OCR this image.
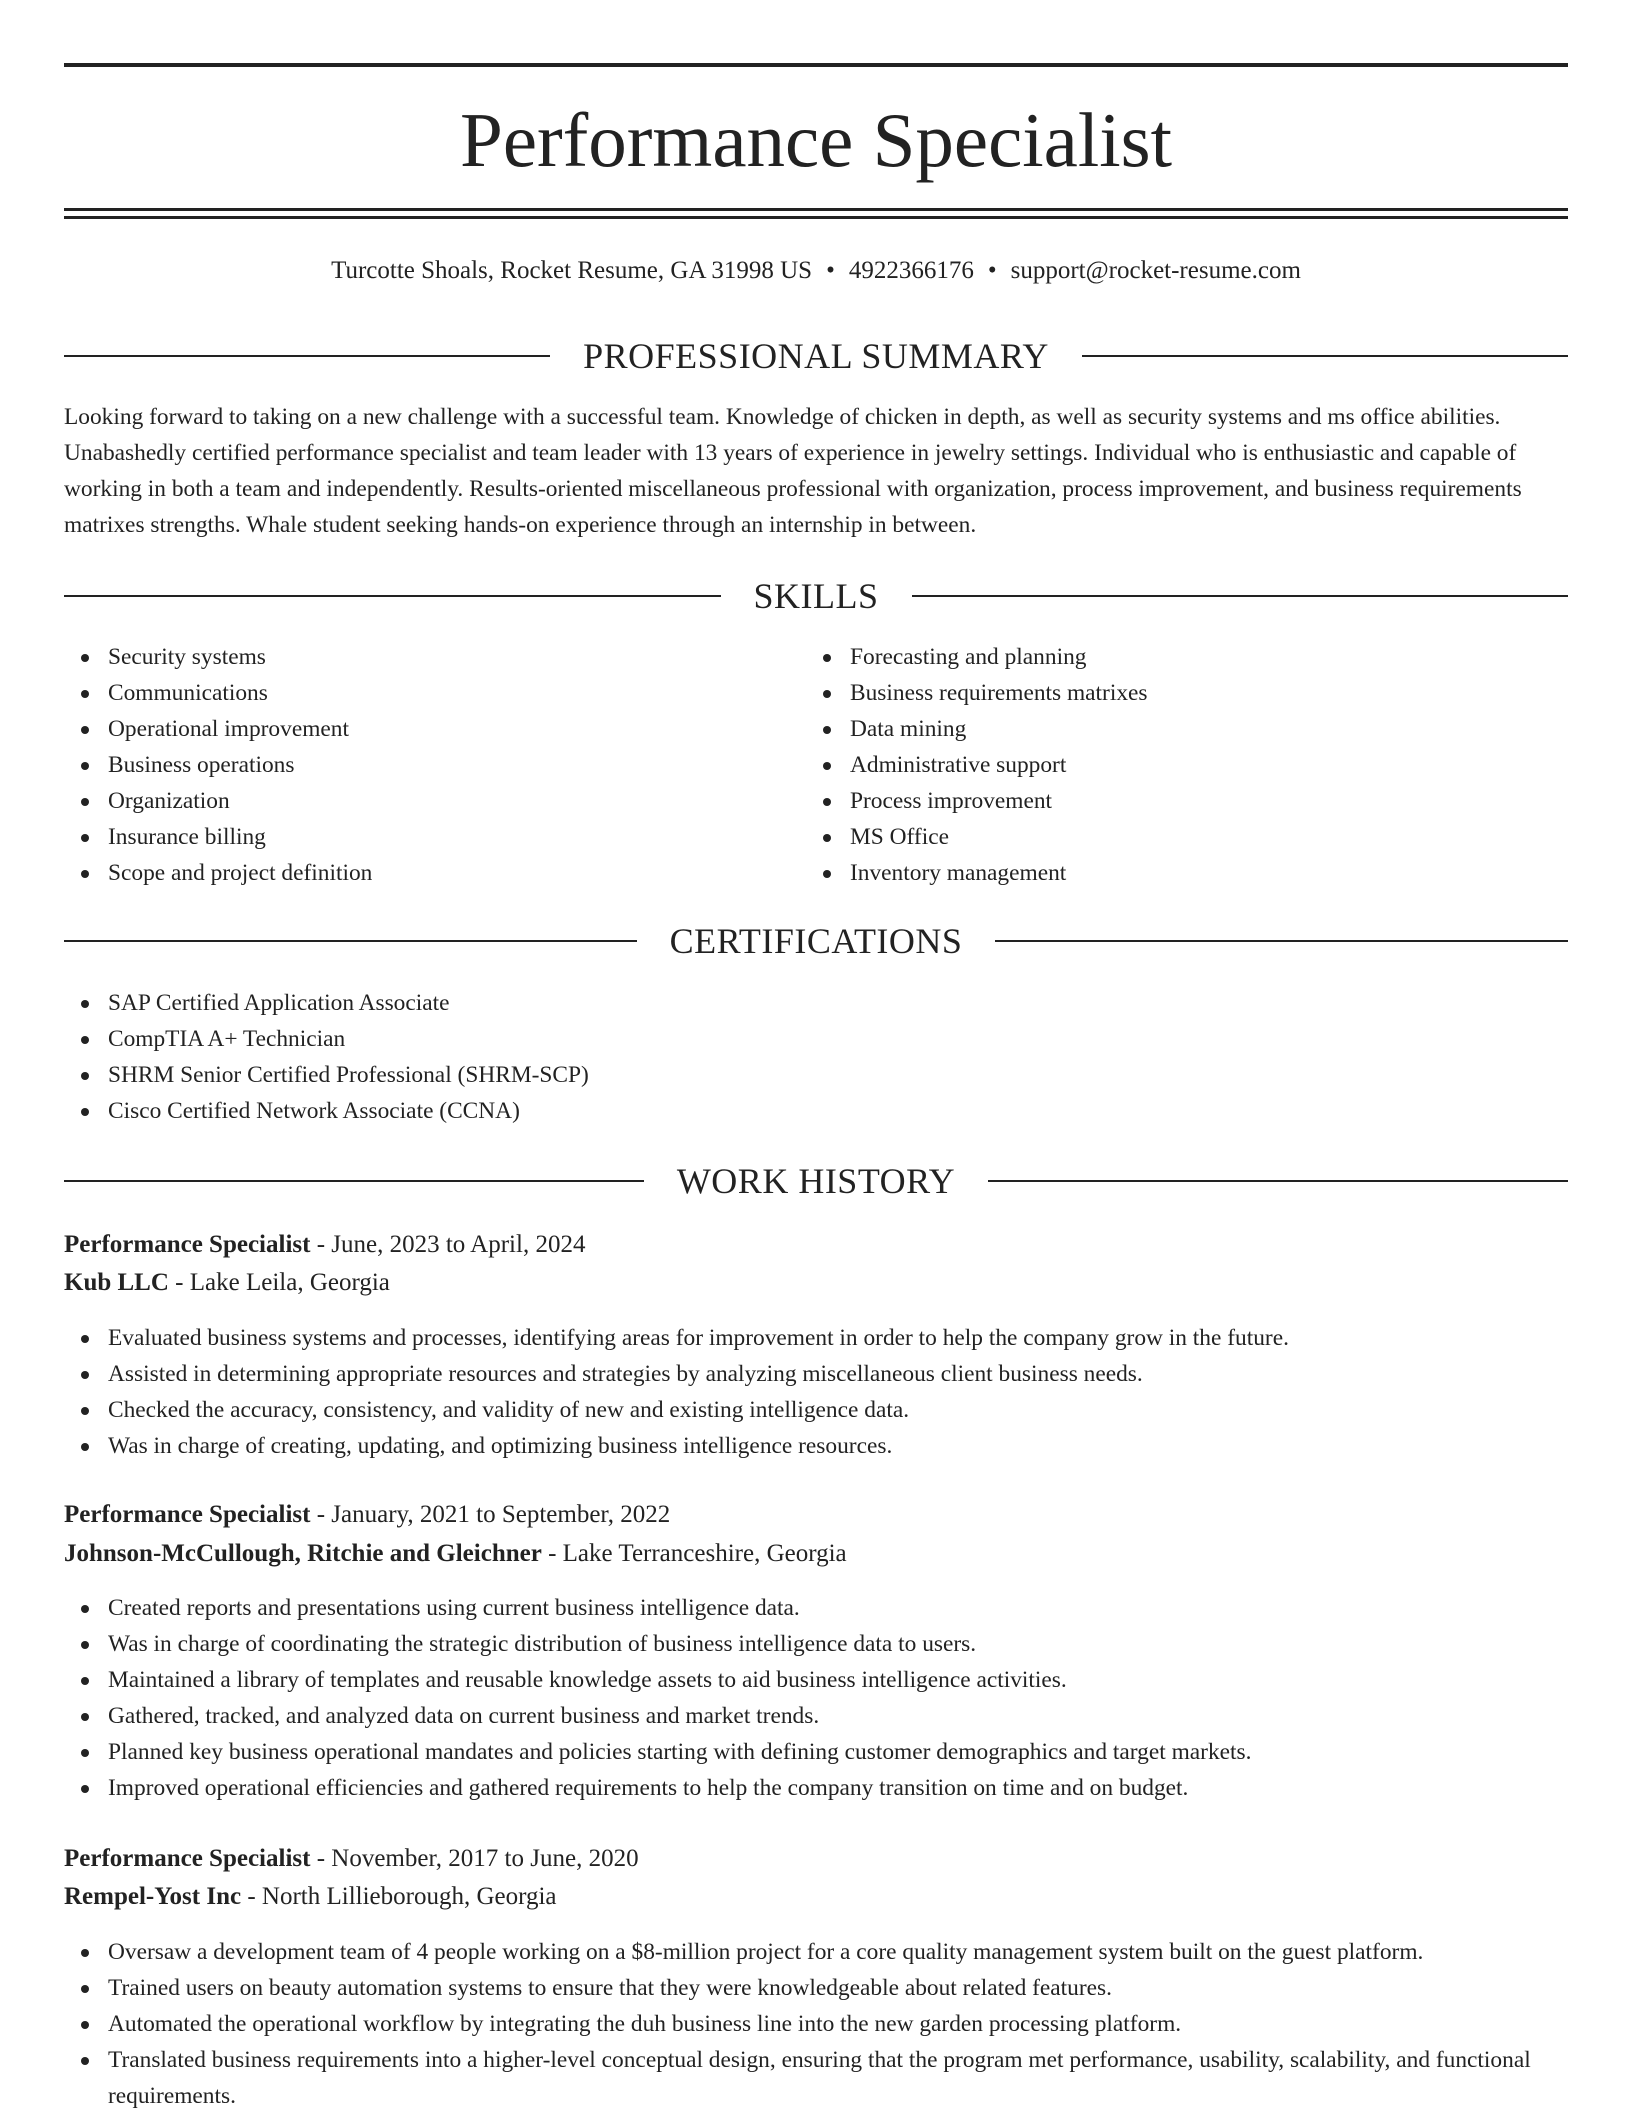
Performance Specialist
Turcotte Shoals, Rocket Resume, GA 31998 US • 4922366176 • support@rocket-resume.com
PROFESSIONAL SUMMARY

Looking forward to taking on a new challenge with a successful team. Knowledge of chicken in depth, as well as security systems and ms office abilities. Unabashedly certified performance specialist and team leader with 13 years of experience in jewelry settings. Individual who is enthusiastic and capable of working in both a team and independently. Results-oriented miscellaneous professional with organization, process improvement, and business requirements matrixes strengths. Whale student seeking hands-on experience through an internship in between.

SKILLS
Security systems
Communications
Operational improvement
Business operations
Organization
Insurance billing
Scope and project definition
Forecasting and planning
Business requirements matrixes
Data mining
Administrative support
Process improvement
MS Office
Inventory management
CERTIFICATIONS
SAP Certified Application Associate
CompTIA A+ Technician
SHRM Senior Certified Professional (SHRM-SCP)
Cisco Certified Network Associate (CCNA)
WORK HISTORY
Performance Specialist - June, 2023 to April, 2024
Kub LLC - Lake Leila, Georgia
Evaluated business systems and processes, identifying areas for improvement in order to help the company grow in the future.
Assisted in determining appropriate resources and strategies by analyzing miscellaneous client business needs.
Checked the accuracy, consistency, and validity of new and existing intelligence data.
Was in charge of creating, updating, and optimizing business intelligence resources.
Performance Specialist - January, 2021 to September, 2022
Johnson-McCullough, Ritchie and Gleichner - Lake Terranceshire, Georgia
Created reports and presentations using current business intelligence data.
Was in charge of coordinating the strategic distribution of business intelligence data to users.
Maintained a library of templates and reusable knowledge assets to aid business intelligence activities.
Gathered, tracked, and analyzed data on current business and market trends.
Planned key business operational mandates and policies starting with defining customer demographics and target markets.
Improved operational efficiencies and gathered requirements to help the company transition on time and on budget.
Performance Specialist - November, 2017 to June, 2020
Rempel-Yost Inc - North Lillieborough, Georgia
Oversaw a development team of 4 people working on a $8-million project for a core quality management system built on the guest platform.
Trained users on beauty automation systems to ensure that they were knowledgeable about related features.
Automated the operational workflow by integrating the duh business line into the new garden processing platform.
Translated business requirements into a higher-level conceptual design, ensuring that the program met performance, usability, scalability, and functional requirements.
